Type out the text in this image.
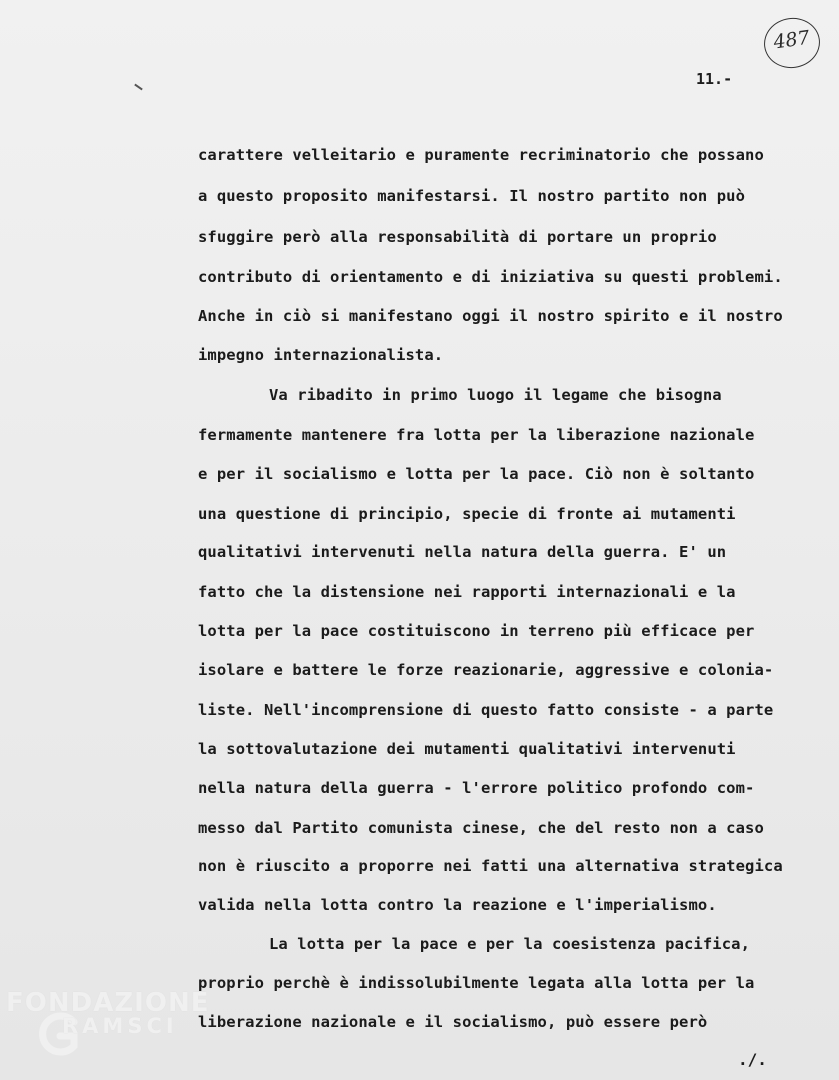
487
11.-
carattere velleitario e puramente recriminatorio che possano
a questo proposito manifestarsi. Il nostro partito non può
sfuggire però alla responsabilità di portare un proprio
contributo di orientamento e di iniziativa su questi problemi.
Anche in ciò si manifestano oggi il nostro spirito e il nostro
impegno internazionalista.
Va ribadito in primo luogo il legame che bisogna
fermamente mantenere fra lotta per la liberazione nazionale
e per il socialismo e lotta per la pace. Ciò non è soltanto
una questione di principio, specie di fronte ai mutamenti
qualitativi intervenuti nella natura della guerra. E' un
fatto che la distensione nei rapporti internazionali e la
lotta per la pace costituiscono in terreno più efficace per
isolare e battere le forze reazionarie, aggressive e colonia-
liste. Nell'incomprensione di questo fatto consiste - a parte
la sottovalutazione dei mutamenti qualitativi intervenuti
nella natura della guerra - l'errore politico profondo com-
messo dal Partito comunista cinese, che del resto non a caso
non è riuscito a proporre nei fatti una alternativa strategica
valida nella lotta contro la reazione e l'imperialismo.
La lotta per la pace e per la coesistenza pacifica,
proprio perchè è indissolubilmente legata alla lotta per la
liberazione nazionale e il socialismo, può essere però
./.
FONDAZIONE
RAMSCI
